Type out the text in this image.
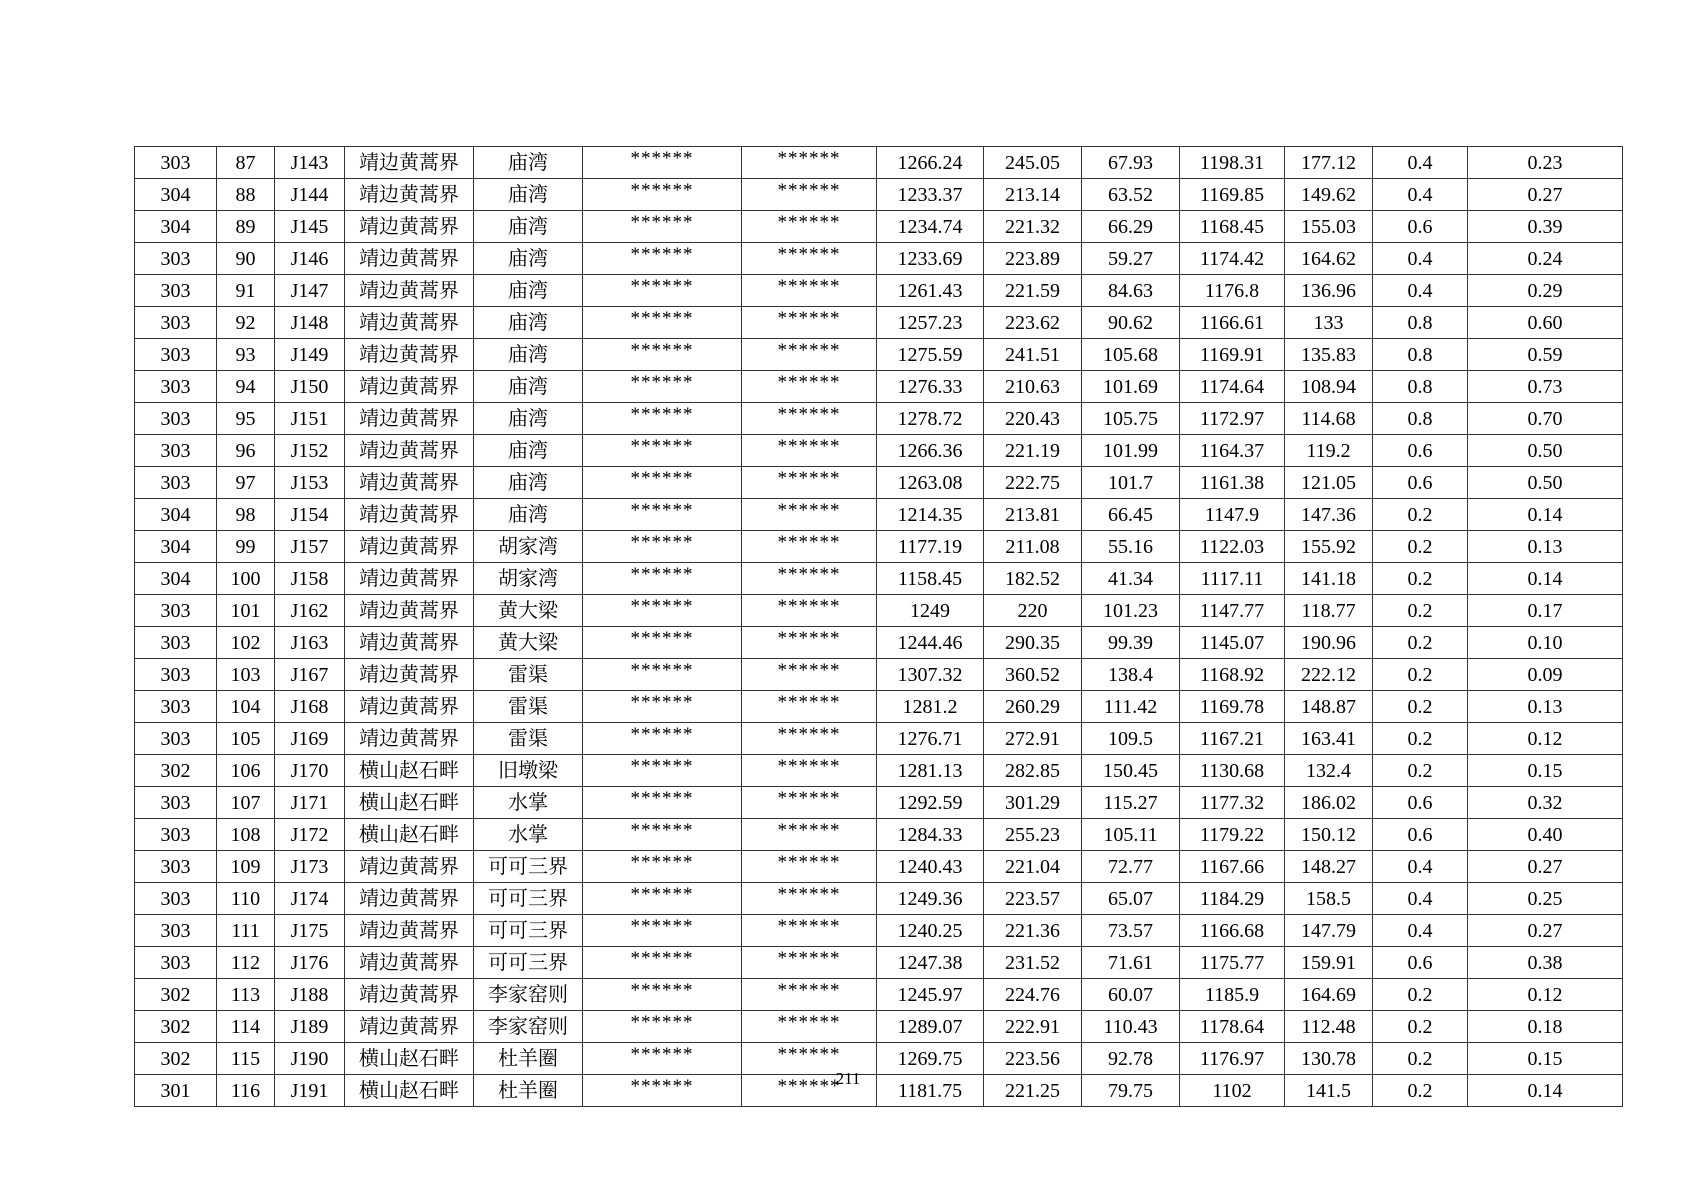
303	87	J143	靖边黄蒿界	庙湾	******	******	1266.24	245.05	67.93	1198.31	177.12	0.4	0.23
304	88	J144	靖边黄蒿界	庙湾	******	******	1233.37	213.14	63.52	1169.85	149.62	0.4	0.27
304	89	J145	靖边黄蒿界	庙湾	******	******	1234.74	221.32	66.29	1168.45	155.03	0.6	0.39
303	90	J146	靖边黄蒿界	庙湾	******	******	1233.69	223.89	59.27	1174.42	164.62	0.4	0.24
303	91	J147	靖边黄蒿界	庙湾	******	******	1261.43	221.59	84.63	1176.8	136.96	0.4	0.29
303	92	J148	靖边黄蒿界	庙湾	******	******	1257.23	223.62	90.62	1166.61	133	0.8	0.60
303	93	J149	靖边黄蒿界	庙湾	******	******	1275.59	241.51	105.68	1169.91	135.83	0.8	0.59
303	94	J150	靖边黄蒿界	庙湾	******	******	1276.33	210.63	101.69	1174.64	108.94	0.8	0.73
303	95	J151	靖边黄蒿界	庙湾	******	******	1278.72	220.43	105.75	1172.97	114.68	0.8	0.70
303	96	J152	靖边黄蒿界	庙湾	******	******	1266.36	221.19	101.99	1164.37	119.2	0.6	0.50
303	97	J153	靖边黄蒿界	庙湾	******	******	1263.08	222.75	101.7	1161.38	121.05	0.6	0.50
304	98	J154	靖边黄蒿界	庙湾	******	******	1214.35	213.81	66.45	1147.9	147.36	0.2	0.14
304	99	J157	靖边黄蒿界	胡家湾	******	******	1177.19	211.08	55.16	1122.03	155.92	0.2	0.13
304	100	J158	靖边黄蒿界	胡家湾	******	******	1158.45	182.52	41.34	1117.11	141.18	0.2	0.14
303	101	J162	靖边黄蒿界	黄大梁	******	******	1249	220	101.23	1147.77	118.77	0.2	0.17
303	102	J163	靖边黄蒿界	黄大梁	******	******	1244.46	290.35	99.39	1145.07	190.96	0.2	0.10
303	103	J167	靖边黄蒿界	雷渠	******	******	1307.32	360.52	138.4	1168.92	222.12	0.2	0.09
303	104	J168	靖边黄蒿界	雷渠	******	******	1281.2	260.29	111.42	1169.78	148.87	0.2	0.13
303	105	J169	靖边黄蒿界	雷渠	******	******	1276.71	272.91	109.5	1167.21	163.41	0.2	0.12
302	106	J170	横山赵石畔	旧墩梁	******	******	1281.13	282.85	150.45	1130.68	132.4	0.2	0.15
303	107	J171	横山赵石畔	水掌	******	******	1292.59	301.29	115.27	1177.32	186.02	0.6	0.32
303	108	J172	横山赵石畔	水掌	******	******	1284.33	255.23	105.11	1179.22	150.12	0.6	0.40
303	109	J173	靖边黄蒿界	可可三界	******	******	1240.43	221.04	72.77	1167.66	148.27	0.4	0.27
303	110	J174	靖边黄蒿界	可可三界	******	******	1249.36	223.57	65.07	1184.29	158.5	0.4	0.25
303	111	J175	靖边黄蒿界	可可三界	******	******	1240.25	221.36	73.57	1166.68	147.79	0.4	0.27
303	112	J176	靖边黄蒿界	可可三界	******	******	1247.38	231.52	71.61	1175.77	159.91	0.6	0.38
302	113	J188	靖边黄蒿界	李家窑则	******	******	1245.97	224.76	60.07	1185.9	164.69	0.2	0.12
302	114	J189	靖边黄蒿界	李家窑则	******	******	1289.07	222.91	110.43	1178.64	112.48	0.2	0.18
302	115	J190	横山赵石畔	杜羊圈	******	******	1269.75	223.56	92.78	1176.97	130.78	0.2	0.15
301	116	J191	横山赵石畔	杜羊圈	******	******	1181.75	221.25	79.75	1102	141.5	0.2	0.14
211
